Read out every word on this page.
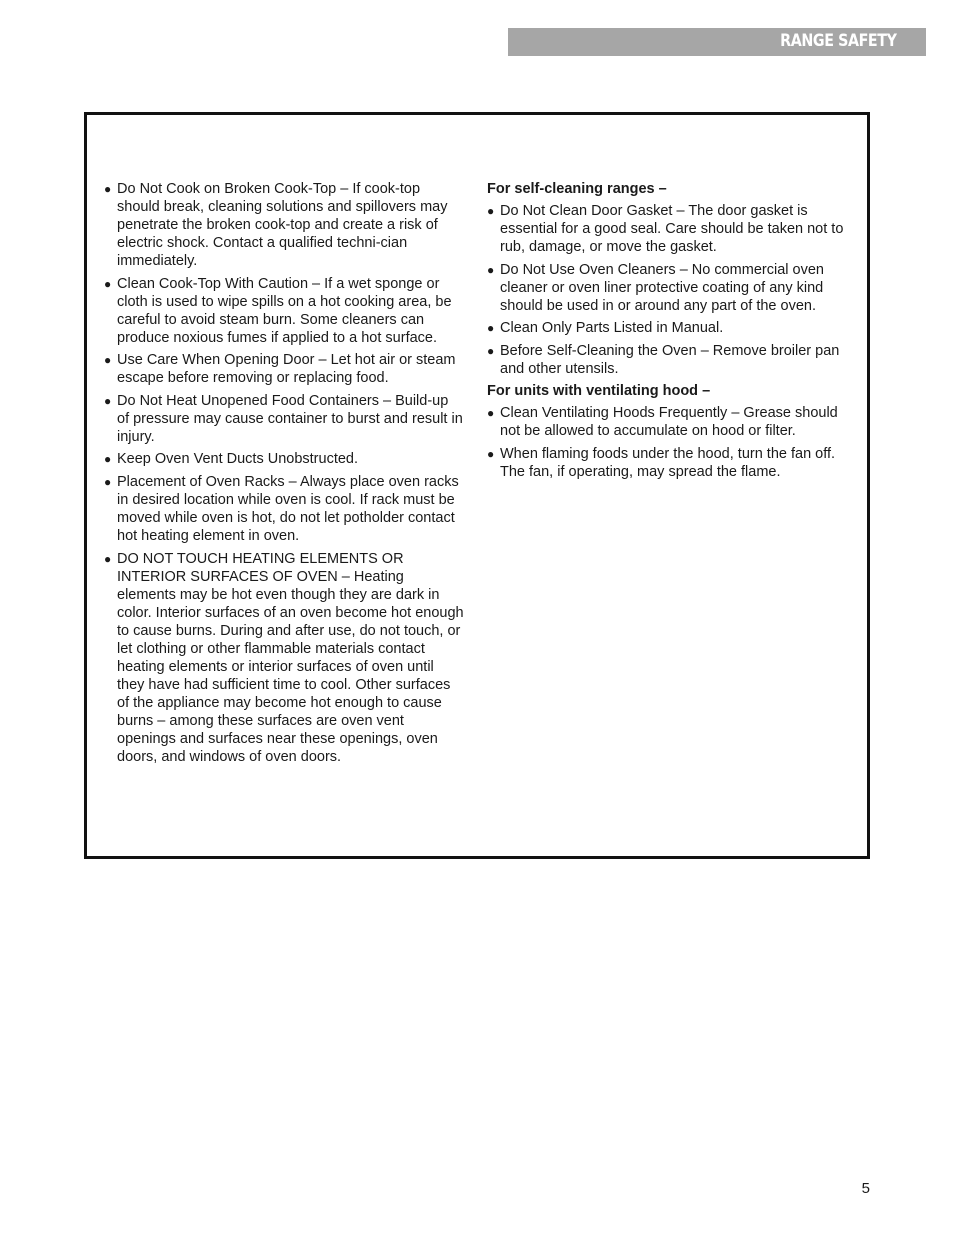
RANGE SAFETY
● Do Not Cook on Broken Cook-Top – If cook-top should break, cleaning solutions and spillovers may penetrate the broken cook-top and create a risk of electric shock. Contact a qualified techni-cian immediately.
● Clean Cook-Top With Caution – If a wet sponge or cloth is used to wipe spills on a hot cooking area, be careful to avoid steam burn. Some cleaners can produce noxious fumes if applied to a hot surface.
● Use Care When Opening Door – Let hot air or steam escape before removing or replacing food.
● Do Not Heat Unopened Food Containers – Build-up of pressure may cause container to burst and result in injury.
● Keep Oven Vent Ducts Unobstructed.
● Placement of Oven Racks – Always place oven racks in desired location while oven is cool. If rack must be moved while oven is hot, do not let potholder contact hot heating element in oven.
● DO NOT TOUCH HEATING ELEMENTS OR INTERIOR SURFACES OF OVEN – Heating elements may be hot even though they are dark in color. Interior surfaces of an oven become hot enough to cause burns. During and after use, do not touch, or let clothing or other flammable materials contact heating elements or interior surfaces of oven until they have had sufficient time to cool. Other surfaces of the appliance may become hot enough to cause burns – among these surfaces are oven vent openings and surfaces near these openings, oven doors, and windows of oven doors.
For self-cleaning ranges –
● Do Not Clean Door Gasket – The door gasket is essential for a good seal. Care should be taken not to rub, damage, or move the gasket.
● Do Not Use Oven Cleaners – No commercial oven cleaner or oven liner protective coating of any kind should be used in or around any part of the oven.
● Clean Only Parts Listed in Manual.
● Before Self-Cleaning the Oven – Remove broiler pan and other utensils.
For units with ventilating hood –
● Clean Ventilating Hoods Frequently – Grease should not be allowed to accumulate on hood or filter.
● When flaming foods under the hood, turn the fan off. The fan, if operating, may spread the flame.
5
